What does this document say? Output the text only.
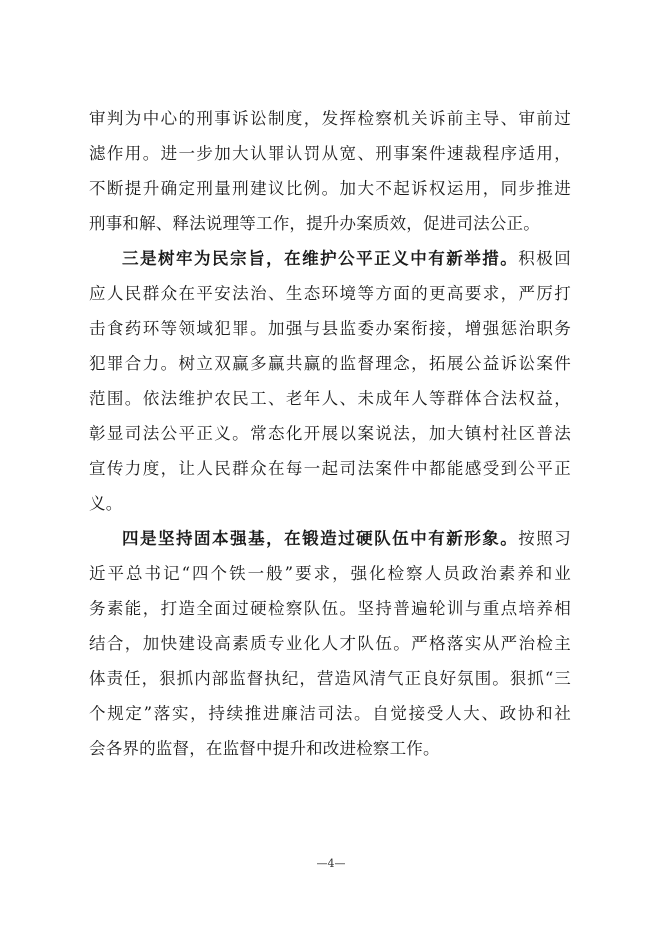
审判为中心的刑事诉讼制度，发挥检察机关诉前主导、审前过
滤作用。进一步加大认罪认罚从宽、刑事案件速裁程序适用，
不断提升确定刑量刑建议比例。加大不起诉权运用，同步推进
刑事和解、释法说理等工作，提升办案质效，促进司法公正。
三是树牢为民宗旨，在维护公平正义中有新举措。积极回
应人民群众在平安法治、生态环境等方面的更高要求，严厉打
击食药环等领域犯罪。加强与县监委办案衔接，增强惩治职务
犯罪合力。树立双赢多赢共赢的监督理念，拓展公益诉讼案件
范围。依法维护农民工、老年人、未成年人等群体合法权益，
彰显司法公平正义。常态化开展以案说法，加大镇村社区普法
宣传力度，让人民群众在每一起司法案件中都能感受到公平正
义。
四是坚持固本强基，在锻造过硬队伍中有新形象。按照习
近平总书记“四个铁一般”要求，强化检察人员政治素养和业
务素能，打造全面过硬检察队伍。坚持普遍轮训与重点培养相
结合，加快建设高素质专业化人才队伍。严格落实从严治检主
体责任，狠抓内部监督执纪，营造风清气正良好氛围。狠抓“三
个规定”落实，持续推进廉洁司法。自觉接受人大、政协和社
会各界的监督，在监督中提升和改进检察工作。
—4—
